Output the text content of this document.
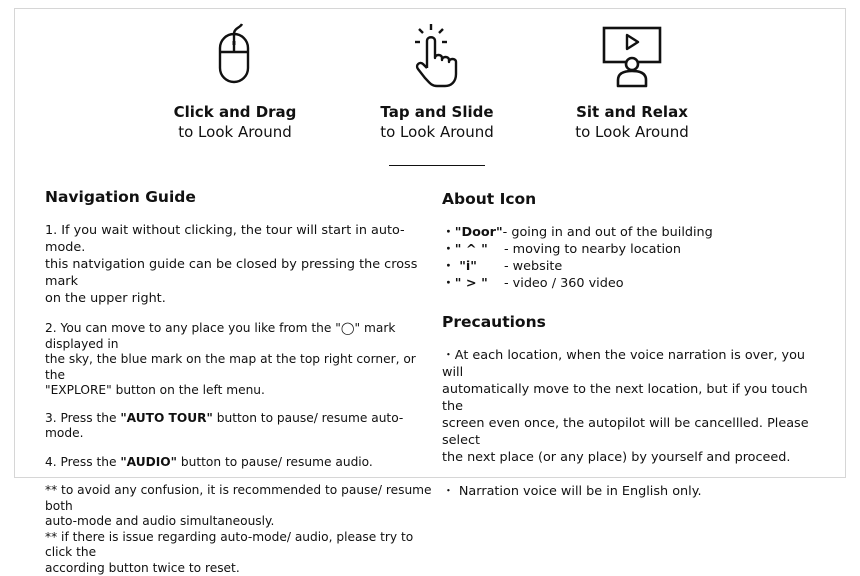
Click and Drag
to Look Around
Tap and Slide
to Look Around
Sit and Relax
to Look Around
Navigation Guide

1. If you wait without clicking, the tour will start in auto-mode.

this natvigation guide can be closed by pressing the cross mark

on the upper right.

2. You can move to any place you like from the "◯" mark displayed in

the sky, the blue mark on the map at the top right corner, or the

"EXPLORE" button on the left menu.

3. Press the "AUTO TOUR" button to pause/ resume auto-mode.

4. Press the "AUDIO" button to pause/ resume audio.

** to avoid any confusion, it is recommended to pause/ resume both

auto-mode and audio simultaneously.

** if there is issue regarding auto-mode/ audio, please try to click the

according button twice to reset.

About Icon
・"Door" - going in and out of the building
・" ^ "	- moving to nearby location
・ "i"	- website
・" > "	- video / 360 video
Precautions

・At each location, when the voice narration is over, you will

automatically move to the next location, but if you touch the

screen even once, the autopilot will be cancellled. Please select

the next place (or any place) by yourself and proceed.

・ Narration voice will be in English only.
